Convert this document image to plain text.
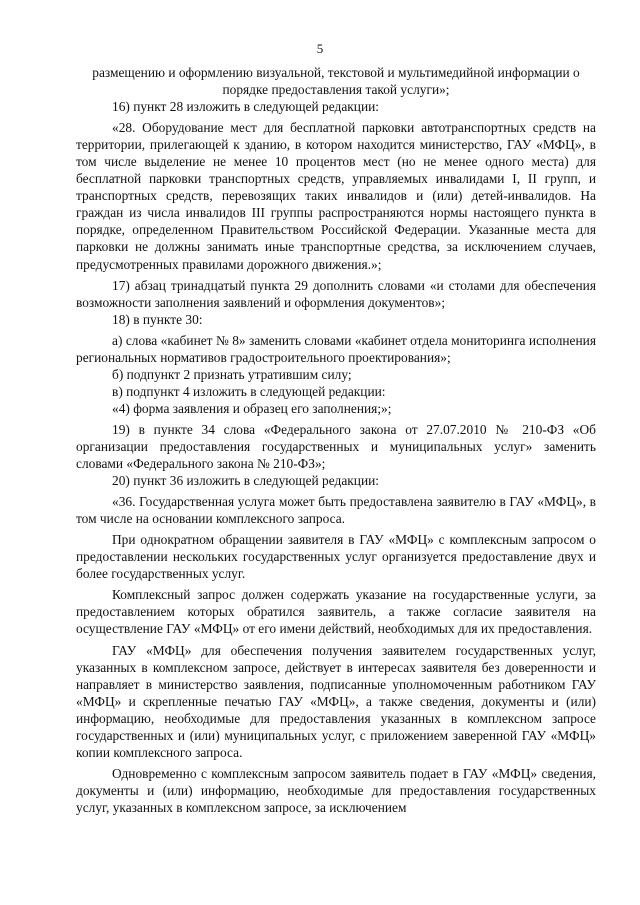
5

размещению и оформлению визуальной, текстовой и мультимедийной информации о порядке предоставления такой услуги»;

16) пункт 28 изложить в следующей редакции:

«28. Оборудование мест для бесплатной парковки автотранспортных средств на территории, прилегающей к зданию, в котором находится министерство, ГАУ «МФЦ», в том числе выделение не менее 10 процентов мест (но не менее одного места) для бесплатной парковки транспортных средств, управляемых инвалидами I, II групп, и транспортных средств, перевозящих таких инвалидов и (или) детей-инвалидов. На граждан из числа инвалидов III группы распространяются нормы настоящего пункта в порядке, определенном Правительством Российской Федерации. Указанные места для парковки не должны занимать иные транспортные средства, за исключением случаев, предусмотренных правилами дорожного движения.»;

17) абзац тринадцатый пункта 29 дополнить словами «и столами для обеспечения возможности заполнения заявлений и оформления документов»;

18) в пункте 30:

а) слова «кабинет № 8» заменить словами «кабинет отдела мониторинга исполнения региональных нормативов градостроительного проектирования»;

б) подпункт 2 признать утратившим силу;

в) подпункт 4 изложить в следующей редакции:

«4) форма заявления и образец его заполнения;»;

19) в пункте 34 слова «Федерального закона от 27.07.2010 № 210-ФЗ «Об организации предоставления государственных и муниципальных услуг» заменить словами «Федерального закона № 210-ФЗ»;

20) пункт 36 изложить в следующей редакции:

«36. Государственная услуга может быть предоставлена заявителю в ГАУ «МФЦ», в том числе на основании комплексного запроса.

При однократном обращении заявителя в ГАУ «МФЦ» с комплексным запросом о предоставлении нескольких государственных услуг организуется предоставление двух и более государственных услуг.

Комплексный запрос должен содержать указание на государственные услуги, за предоставлением которых обратился заявитель, а также согласие заявителя на осуществление ГАУ «МФЦ» от его имени действий, необходимых для их предоставления.

ГАУ «МФЦ» для обеспечения получения заявителем государственных услуг, указанных в комплексном запросе, действует в интересах заявителя без доверенности и направляет в министерство заявления, подписанные уполномоченным работником ГАУ «МФЦ» и скрепленные печатью ГАУ «МФЦ», а также сведения, документы и (или) информацию, необходимые для предоставления указанных в комплексном запросе государственных и (или) муниципальных услуг, с приложением заверенной ГАУ «МФЦ» копии комплексного запроса.

Одновременно с комплексным запросом заявитель подает в ГАУ «МФЦ» сведения, документы и (или) информацию, необходимые для предоставления государственных услуг, указанных в комплексном запросе, за исключением
